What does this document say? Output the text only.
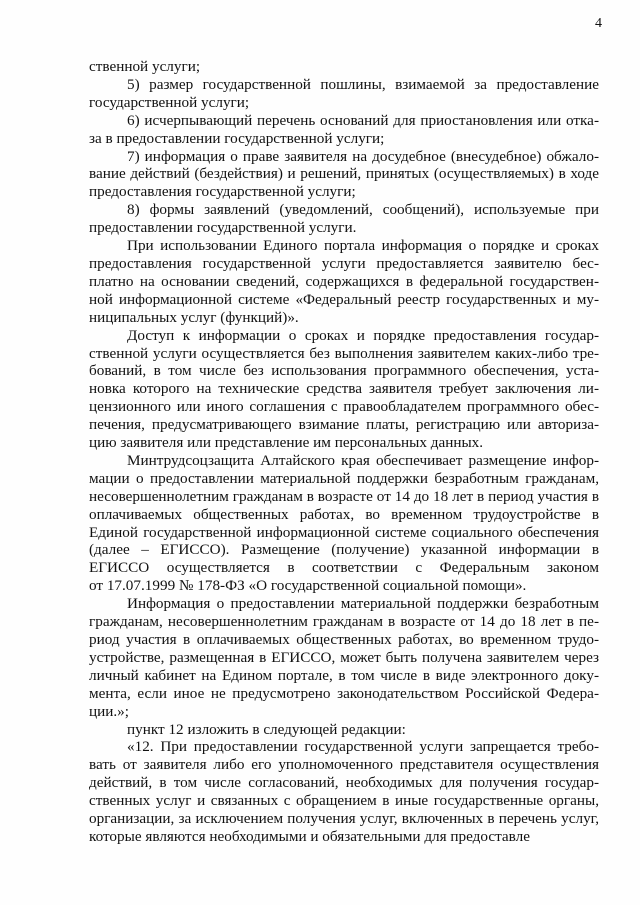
4

ственной услуги;

5) размер государственной пошлины, взимаемой за предоставление государственной услуги;

6) исчерпывающий перечень оснований для приостановления или отказа в предоставлении государственной услуги;

7) информация о праве заявителя на досудебное (внесудебное) обжалование действий (бездействия) и решений, принятых (осуществляемых) в ходе предоставления государственной услуги;

8) формы заявлений (уведомлений, сообщений), используемые при предоставлении государственной услуги.

При использовании Единого портала информация о порядке и сроках предоставления государственной услуги предоставляется заявителю бесплатно на основании сведений, содержащихся в федеральной государственной информационной системе «Федеральный реестр государственных и муниципальных услуг (функций)».

Доступ к информации о сроках и порядке предоставления государственной услуги осуществляется без выполнения заявителем каких-либо требований, в том числе без использования программного обеспечения, установка которого на технические средства заявителя требует заключения лицензионного или иного соглашения с правообладателем программного обеспечения, предусматривающего взимание платы, регистрацию или авторизацию заявителя или представление им персональных данных.

Минтрудсоцзащита Алтайского края обеспечивает размещение информации о предоставлении материальной поддержки безработным гражданам, несовершеннолетним гражданам в возрасте от 14 до 18 лет в период участия в оплачиваемых общественных работах, во временном трудоустройстве в Единой государственной информационной системе социального обеспечения (далее – ЕГИССО). Размещение (получение) указанной информации в ЕГИССО осуществляется в соответствии с Федеральным законом от 17.07.1999 № 178-ФЗ «О государственной социальной помощи».

Информация о предоставлении материальной поддержки безработным гражданам, несовершеннолетним гражданам в возрасте от 14 до 18 лет в период участия в оплачиваемых общественных работах, во временном трудоустройстве, размещенная в ЕГИССО, может быть получена заявителем через личный кабинет на Едином портале, в том числе в виде электронного документа, если иное не предусмотрено законодательством Российской Федерации.»;

пункт 12 изложить в следующей редакции:

«12. При предоставлении государственной услуги запрещается требовать от заявителя либо его уполномоченного представителя осуществления действий, в том числе согласований, необходимых для получения государственных услуг и связанных с обращением в иные государственные органы, организации, за исключением получения услуг, включенных в перечень услуг, которые являются необходимыми и обязательными для предоставле
